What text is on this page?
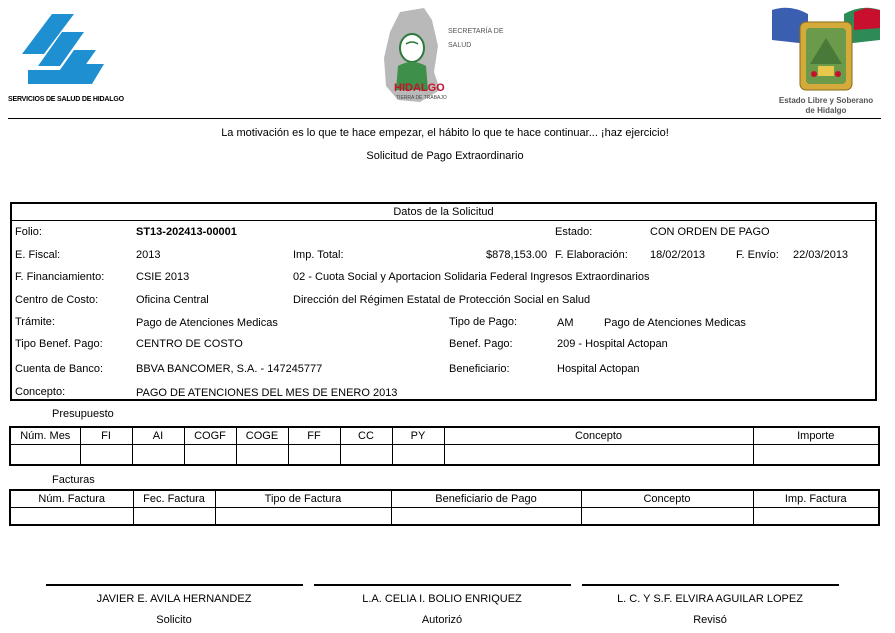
SERVICIOS DE SALUD DE HIDALGO
SECRETARÍA DE
SALUD
HIDALGO
TIERRA DE TRABAJO	Estado Libre y Soberano
de Hidalgo
La motivación es lo que te hace empezar, el hábito lo que te hace continuar... ¡haz ejercicio!
Solicitud de Pago Extraordinario
Datos de la Solicitud
Folio:	ST13-202413-00001	Estado:	CON ORDEN DE PAGO
E. Fiscal:	2013	Imp. Total:	$878,153.00 F. Elaboración: 18/02/2013	F. Envío: 22/03/2013
F. Financiamiento:	CSIE 2013	02 - Cuota Social y Aportacion Solidaria Federal Ingresos Extraordinarios
Centro de Costo:	Oficina Central	Dirección del Régimen Estatal de Protección Social en Salud
Trámite:	Pago de Atenciones Medicas	Tipo de Pago:	AM	Pago de Atenciones Medicas
Tipo Benef. Pago:	CENTRO DE COSTO	Benef. Pago:	209 - Hospital Actopan
Cuenta de Banco:	BBVA BANCOMER, S.A. - 147245777	Beneficiario:	Hospital Actopan
Concepto:	PAGO DE ATENCIONES DEL MES DE ENERO 2013
Presupuesto
Núm. Mes	FI	AI	COGF	COGE	FF	CC	PY	Concepto	Importe

Facturas
Núm. Factura	Fec. Factura	Tipo de Factura	Beneficiario de Pago	Concepto	Imp. Factura

JAVIER E. AVILA HERNANDEZ
Solicito
L.A. CELIA I. BOLIO ENRIQUEZ
Autorizó
L. C. Y S.F. ELVIRA AGUILAR LOPEZ
Revisó
